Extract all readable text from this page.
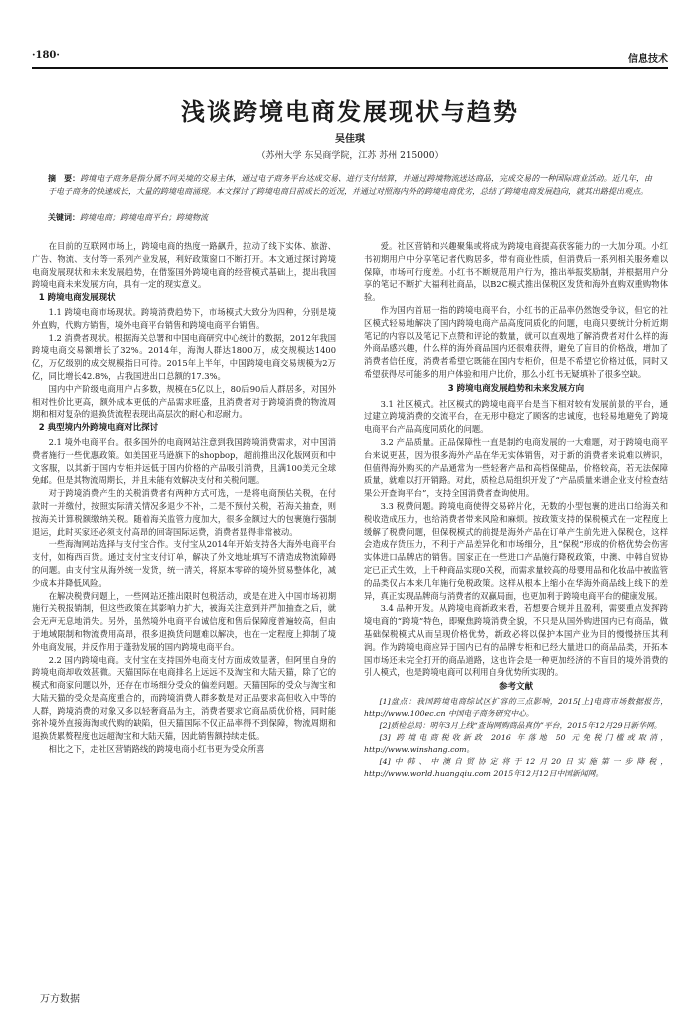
·180·	信息技术
浅谈跨境电商发展现状与趋势
吴佳琪
（苏州大学 东吴商学院，江苏 苏州 215000）
摘　要：跨境电子商务是指分属不同关境的交易主体，通过电子商务平台达成交易、进行支付结算，并通过跨境物流送达商品，完成交易的一种国际商业活动。近几年，由于电子商务的快速成长，大量的跨境电商涌现。本文探讨了跨境电商目前成长的近况，并通过对照海内外的跨境电商优劣，总结了跨境电商发展趋向，就其出路提出观点。
关键词：跨境电商；跨境电商平台；跨境物流

在目前的互联网市场上，跨境电商的热度一路飙升，拉动了线下实体、旅游、广告、物流、支付等一系列产业发展，利好政策窗口不断打开。本文通过探讨跨境电商发展现状和未来发展趋势，在借鉴国外跨境电商的经营模式基础上，提出我国跨境电商未来发展方向，具有一定的现实意义。

1 跨境电商发展现状

1.1 跨境电商市场现状。跨境消费趋势下，市场模式大致分为四种，分别是境外直购，代购方销售，境外电商平台销售和跨境电商平台销售。

1.2 消费者现状。根据海关总署和中国电商研究中心统计的数据，2012年我国跨境电商交易额增长了32%。2014年，海淘人群达1800万，成交规模达1400亿，万亿级别的成交规模指日可待。2015年上半年，中国跨境电商交易规模为2万亿，同比增长42.8%，占我国进出口总额的17.3%。

国内中产阶级电商用户占多数，规模在5亿以上，80后90后人群居多，对国外相对性价比更高，额外成本更低的产品需求旺盛，且消费者对于跨境消费的物流周期和相对复杂的退换货流程表现出高层次的耐心和忍耐力。

2 典型境内外跨境电商对比探讨

2.1 境外电商平台。很多国外的电商网站注意到我国跨境消费需求，对中国消费者施行一些优惠政策。如美国亚马逊旗下的shopbop，超前推出汉化版网页和中文客服，以其新于国内专柜并远低于国内价格的产品吸引消费，且满100美元全球免邮。但是其物流周期长，并且未能有效解决支付和关税问题。

对于跨境消费产生的关税消费者有两种方式可选，一是将电商预估关税，在付款时一并缴付，按照实际清关情况多退少不补，二是不预付关税，若海关抽查，则按海关计算税额缴纳关税。随着海关监管力度加大，很多金额过大的包裹施行强制退运，此时买家还必须支付高昂的回寄国际运费，消费者显得非常被动。

一些海淘网站选择与支付宝合作。支付宝从2014年开始支持各大海外电商平台支付，如梅西百货。通过支付宝支付订单，解决了外文地址填写不清造成物流障碍的问题。由支付宝从海外统一发货，统一清关，将原本零碎的境外贸易整体化，减少成本并降低风险。

在解决税费问题上，一些网站还推出限时包税活动，或是在进入中国市场初期施行关税报销制，但这些政策在其影响力扩大，被海关注意到并严加抽查之后，就会无声无息地消失。另外，虽然境外电商平台诚信度和售后保障度普遍较高，但由于地域限制和物流费用高昂，很多退换货问题难以解决，也在一定程度上抑制了境外电商发展，并反作用于蓬勃发展的国内跨境电商平台。

2.2 国内跨境电商。支付宝在支持国外电商支付方面成效显著，但阿里自身的跨境电商却收效甚微。天猫国际在电商排名上远远不及淘宝和大陆天猫，除了它的模式和商家问题以外，还存在市场细分受众的偏差问题。天猫国际的受众与淘宝和大陆天猫的受众是高度重合的，而跨境消费人群多数是对正品要求高但收入中等的人群，跨境消费的对象又多以轻奢商品为主，消费者要求它商品质优价格，同时能弥补境外直接海淘或代购的缺陷，但天猫国际不仅正品率得不到保障，物流周期和退换货累赘程度也远超淘宝和大陆天猫，因此销售额持续走低。

相比之下，走社区营销路线的跨境电商小红书更为受众所喜

爱。社区营销和兴趣聚集或将成为跨境电商提高获客能力的一大加分项。小红书初期用户中分享笔记者代购居多，带有商业性质，但消费后一系列相关服务难以保障，市场可行度差。小红书不断规范用户行为，推出举报奖励制，并根据用户分享的笔记不断扩大福利社商品，以B2C模式推出保税区发货和海外直购双重购物体验。

作为国内首屈一指的跨境电商平台，小红书的正品率仍然饱受争议，但它的社区模式轻易地解决了国内跨境电商产品高度同质化的问题，电商只要统计分析近期笔记的内容以及笔记下点赞和评论的数量，就可以直观地了解消费者对什么样的海外商品感兴趣，什么样的海外商品国内还很难获得，避免了盲目的价格战，增加了消费者信任度，消费者希望它既能在国内专柜价，但是不希望它价格过低，同时又希望获得尽可能多的用户体验和用户比价，那么小红书无疑填补了很多空缺。

3 跨境电商发展趋势和未来发展方向

3.1 社区模式。社区模式的跨境电商平台是当下相对较有发展前景的平台，通过建立跨境消费的交流平台，在无形中稳定了顾客的忠诚度，也轻易地避免了跨境电商平台产品高度同质化的问题。

3.2 产品质量。正品保障性一直是制约电商发展的一大难题，对于跨境电商平台来说更甚，因为很多海外产品在华无实体销售，对于新的消费者来说难以辨识，但值得海外购买的产品通常为一些轻奢产品和高档保健品，价格较高，若无法保障质量，就难以打开销路。对此，质检总局组织开发了“产品质量来谱企业支付检查结果公开查询平台”，支持全国消费者查询使用。

3.3 税费问题。跨境电商使得交易碎片化，无数的小型包裹的进出口给海关和税收造成压力，也给消费者带来风险和麻烦。按政策支持的保税模式在一定程度上缓解了税费问题，但保税模式的前提是海外产品在订单产生前先进入保税仓，这样会造成存货压力，不利于产品差异化和市场细分，且“保税”形成的价格优势会伤害实体进口品牌店的销售。国家正在一些进口产品施行降税政策，中澳、中韩自贸协定已正式生效，上千种商品实现0关税，而需求量较高的母婴用品和化妆品中被监管的品类仅占本来几年施行免税政策。这样从根本上缩小在华海外商品线上线下的差异，真正实现品牌商与消费者的双赢局面，也更加利于跨境电商平台的健康发展。

3.4 品种开发。从跨境电商新政来看，若想要合规并且盈利，需要重点发挥跨境电商的“跨境”特色，即聚焦跨境消费全貌，不只是从国外购进国内已有商品，做基础保税模式从而呈现价格优势，新政必将以保护本国产业为目的慢慢挤压其利润。作为跨境电商应异于国内已有的品牌专柜和已经大量进口的商品品类，开拓本国市场还未完全打开的商品道路，这也许会是一种更加经济的不盲目的境外消费的引人模式，也是跨境电商可以利用自身优势所实现的。

参考文献

[1]盘点：我国跨境电商综试区扩容的三点影响，2015[上]电商市场数据报告，http://www.100ec.cn 中国电子商务研究中心。

[2]质检总局：明年3月上线“查询网购商品真伪”平台，2015年12月29日新华网。

[3] 跨境电商税收新政 2016 年落地 50 元免税门槛或取消，http://www.winshang.com。

[4]中韩、中澳自贸协定将于12月20日实施第一步降税，http://www.world.huangqiu.com 2015年12月12日中国新闻网。

万方数据
